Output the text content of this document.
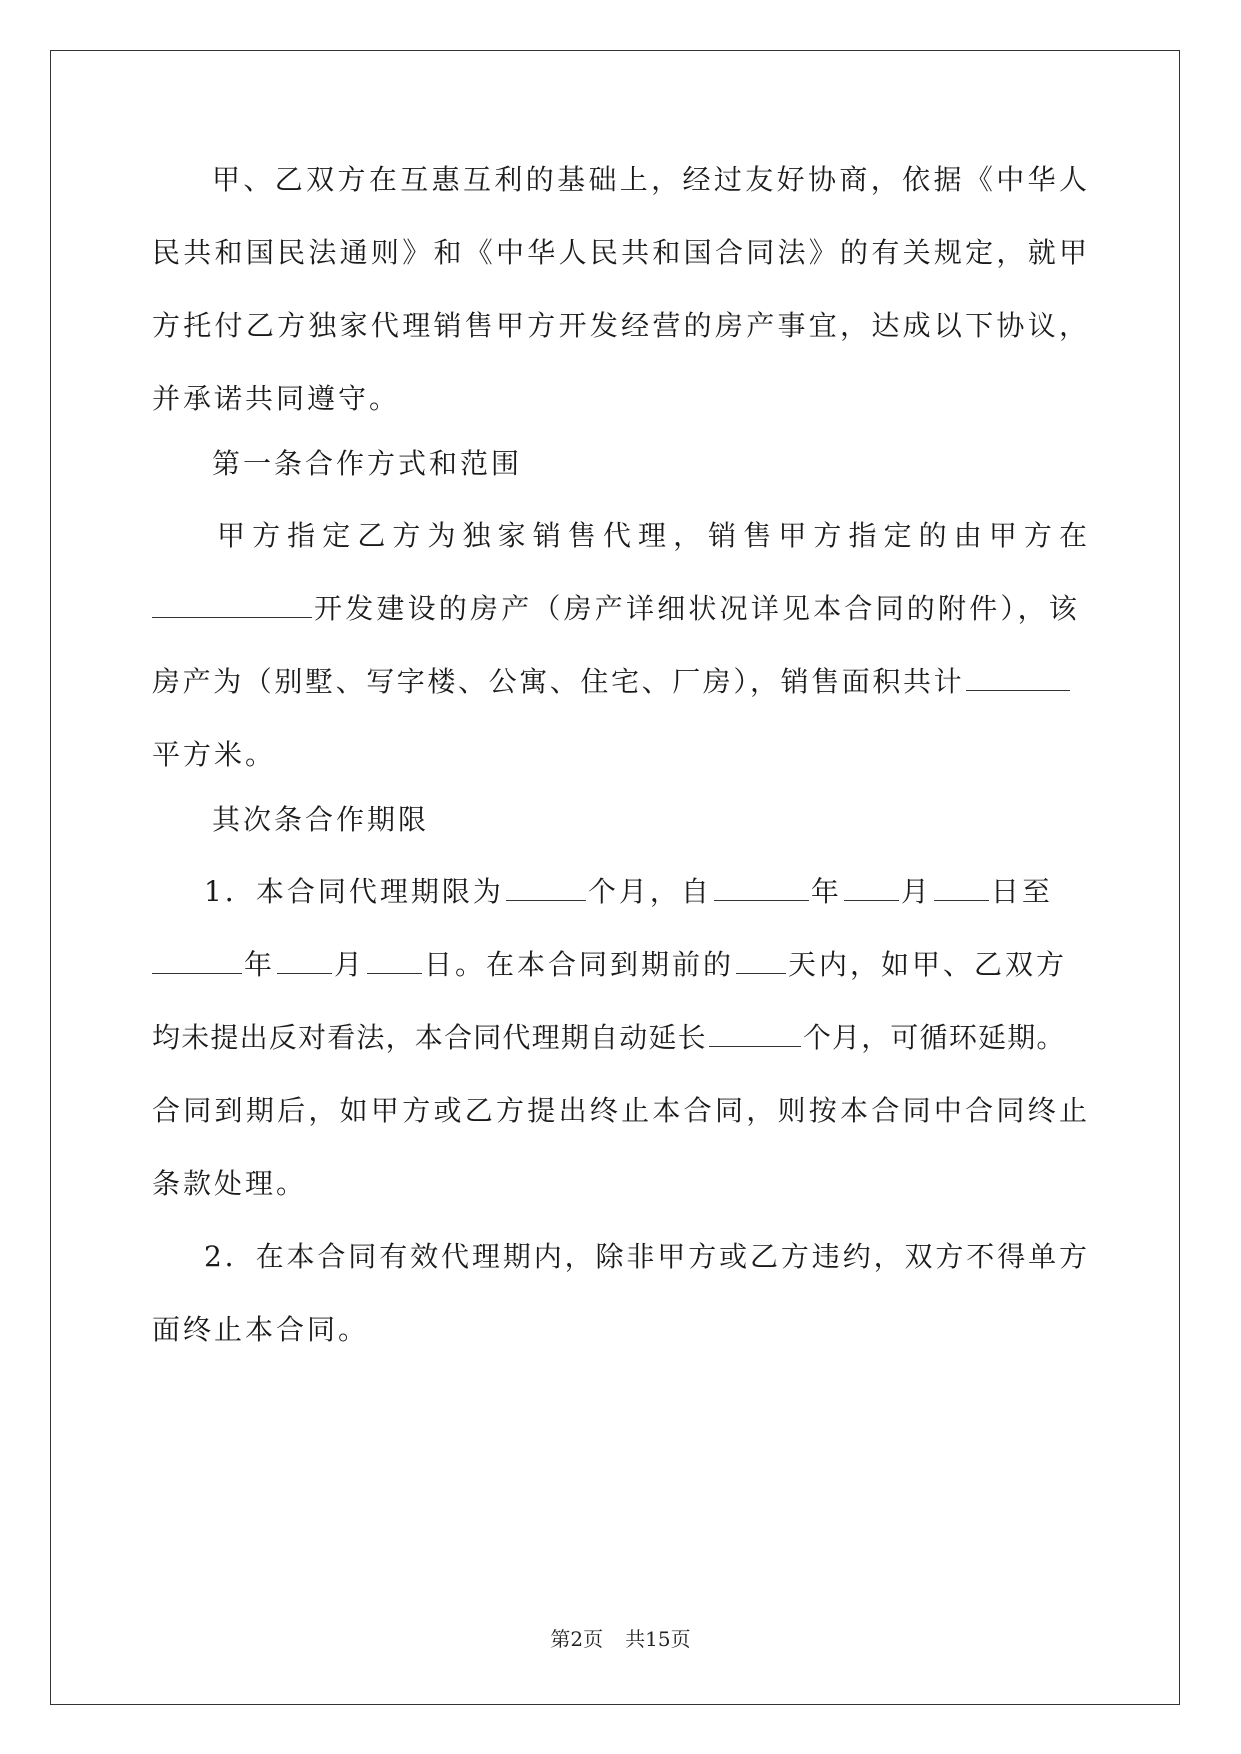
甲、乙双方在互惠互利的基础上，经过友好协商，依据《中华人
民共和国民法通则》和《中华人民共和国合同法》的有关规定，就甲
方托付乙方独家代理销售甲方开发经营的房产事宜，达成以下协议，
并承诺共同遵守。
第一条合作方式和范围
甲方指定乙方为独家销售代理，销售甲方指定的由甲方在
开发建设的房产（房产详细状况详见本合同的附件），该
房产为（别墅、写字楼、公寓、住宅、厂房），销售面积共计
平方米。
其次条合作期限
1．本合同代理期限为	个月，自	年 月 日至
年 月 日。在本合同到期前的 天内，如甲、乙双方
均未提出反对看法，本合同代理期自动延长	个月，可循环延期。
合同到期后，如甲方或乙方提出终止本合同，则按本合同中合同终止
条款处理。
2．在本合同有效代理期内，除非甲方或乙方违约，双方不得单方
面终止本合同。
第2页 共15页
